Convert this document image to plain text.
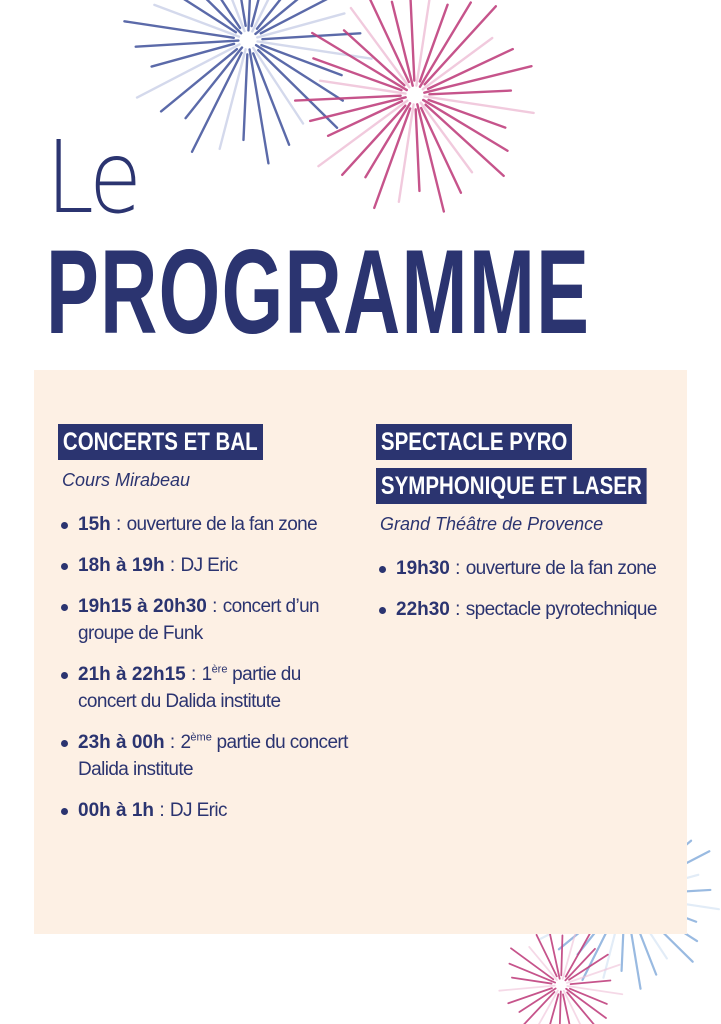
Le
PROGRAMME
CONCERTS ET BAL
Cours Mirabeau
15h : ouverture de la fan zone
18h à 19h : DJ Eric
19h15 à 20h30 : concert d’un groupe de Funk
21h à 22h15 : 1ère partie du concert du Dalida institute
23h à 00h : 2ème partie du concert Dalida institute
00h à 1h : DJ Eric
SPECTACLE PYRO
SYMPHONIQUE ET LASER
Grand Théâtre de Provence
19h30 : ouverture de la fan zone
22h30 : spectacle pyrotechnique
